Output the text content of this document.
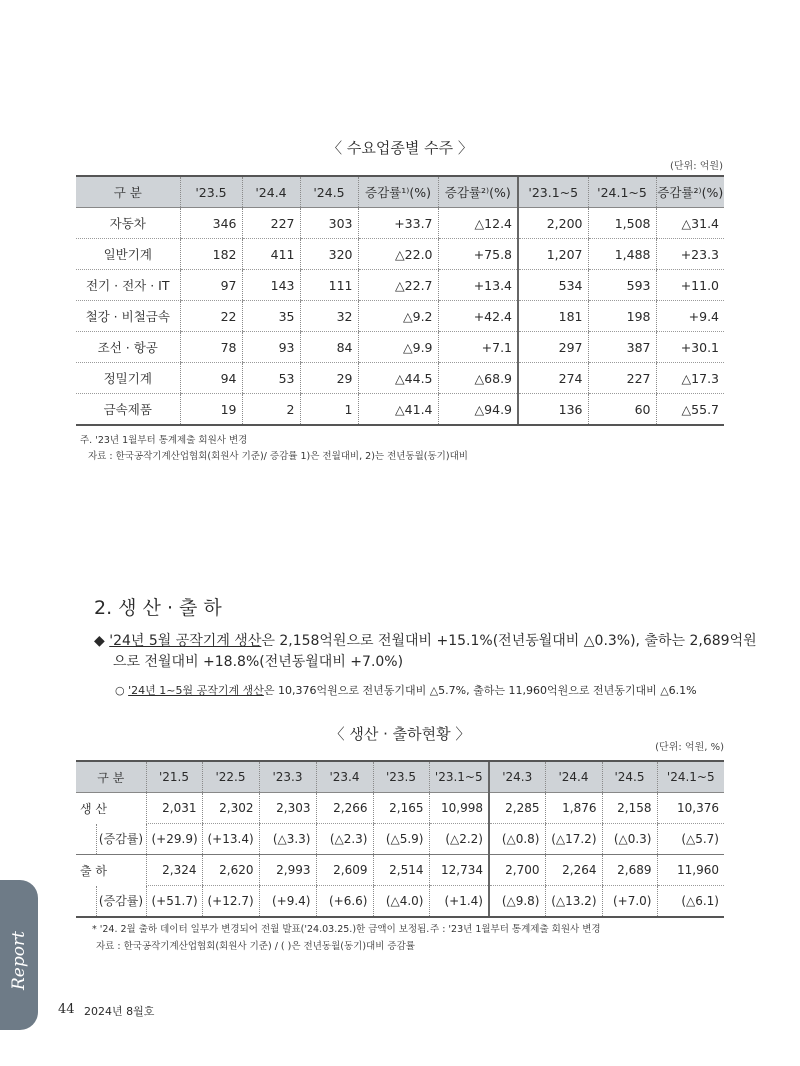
〈 수요업종별 수주 〉
(단위: 억원)
구 분	'23.5	'24.4	'24.5	증감률¹⁾(%)	증감률²⁾(%)	'23.1~5	'24.1~5	증감률²⁾(%)
자동차	346	227	303	+33.7	△12.4	2,200	1,508	△31.4
일반기계	182	411	320	△22.0	+75.8	1,207	1,488	+23.3
전기 · 전자 · IT	97	143	111	△22.7	+13.4	534	593	+11.0
철강 · 비철금속	22	35	32	△9.2	+42.4	181	198	+9.4
조선 · 항공	78	93	84	△9.9	+7.1	297	387	+30.1
정밀기계	94	53	29	△44.5	△68.9	274	227	△17.3
금속제품	19	2	1	△41.4	△94.9	136	60	△55.7
주. '23년 1월부터 통계제출 회원사 변경
자료 : 한국공작기계산업협회(회원사 기준)/ 증감률 1)은 전월대비, 2)는 전년동월(동기)대비
2. 생 산 · 출 하
◆ '24년 5월 공작기계 생산은 2,158억원으로 전월대비 +15.1%(전년동월대비 △0.3%), 출하는 2,689억원
으로 전월대비 +18.8%(전년동월대비 +7.0%)
○ '24년 1~5월 공작기계 생산은 10,376억원으로 전년동기대비 △5.7%, 출하는 11,960억원으로 전년동기대비 △6.1%
〈 생산 · 출하현황 〉
(단위: 억원, %)
구 분		'21.5	'22.5	'23.3	'23.4	'23.5	'23.1~5	'24.3	'24.4	'24.5	'24.1~5
생 산		2,031	2,302	2,303	2,266	2,165	10,998	2,285	1,876	2,158	10,376
	(증감률)	(+29.9)	(+13.4)	(△3.3)	(△2.3)	(△5.9)	(△2.2)	(△0.8)	(△17.2)	(△0.3)	(△5.7)
출 하		2,324	2,620	2,993	2,609	2,514	12,734	2,700	2,264	2,689	11,960
	(증감률)	(+51.7)	(+12.7)	(+9.4)	(+6.6)	(△4.0)	(+1.4)	(△9.8)	(△13.2)	(+7.0)	(△6.1)
* '24. 2월 출하 데이터 일부가 변경되어 전월 발표('24.03.25.)한 금액이 보정됨. 주 : '23년 1월부터 통계제출 회원사 변경
자료 : 한국공작기계산업협회(회원사 기준) / ( )은 전년동월(동기)대비 증감률
Report
44 2024년 8월호
